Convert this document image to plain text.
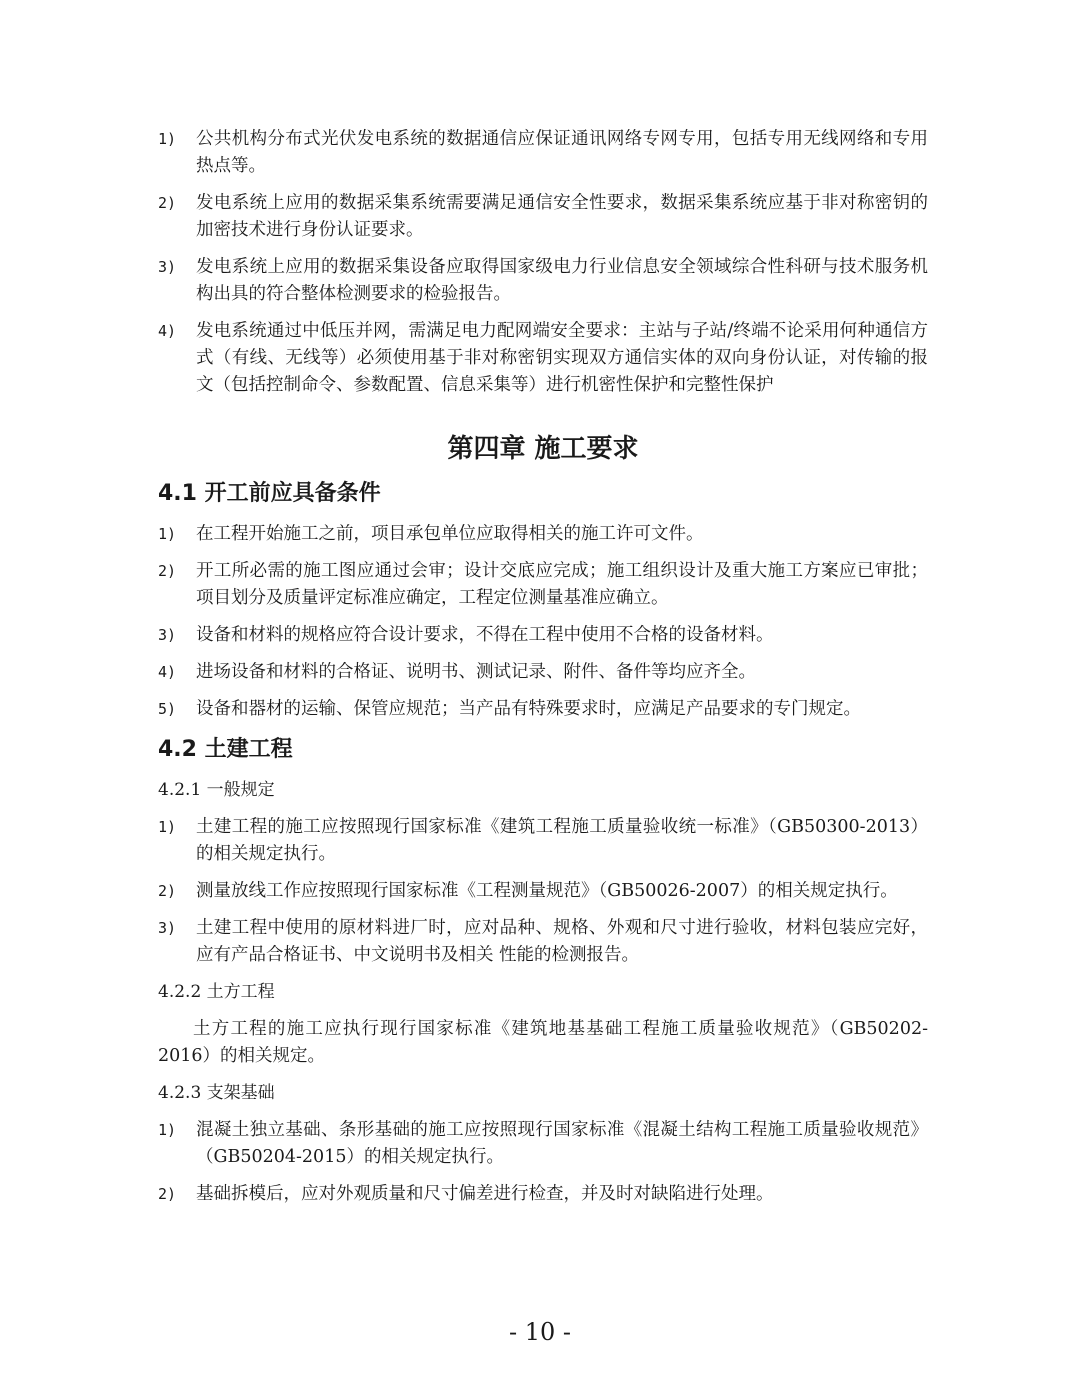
1) 公共机构分布式光伏发电系统的数据通信应保证通讯网络专网专用，包括专用无线网络和专用热点等。
2) 发电系统上应用的数据采集系统需要满足通信安全性要求，数据采集系统应基于非对称密钥的加密技术进行身份认证要求。
3) 发电系统上应用的数据采集设备应取得国家级电力行业信息安全领域综合性科研与技术服务机构出具的符合整体检测要求的检验报告。
4) 发电系统通过中低压并网，需满足电力配网端安全要求：主站与子站/终端不论采用何种通信方式（有线、无线等）必须使用基于非对称密钥实现双方通信实体的双向身份认证，对传输的报文（包括控制命令、参数配置、信息采集等）进行机密性保护和完整性保护
第四章 施工要求
4.1 开工前应具备条件
1) 在工程开始施工之前，项目承包单位应取得相关的施工许可文件。
2) 开工所必需的施工图应通过会审；设计交底应完成；施工组织设计及重大施工方案应已审批；项目划分及质量评定标准应确定，工程定位测量基准应确立。
3) 设备和材料的规格应符合设计要求，不得在工程中使用不合格的设备材料。
4) 进场设备和材料的合格证、说明书、测试记录、附件、备件等均应齐全。
5) 设备和器材的运输、保管应规范；当产品有特殊要求时，应满足产品要求的专门规定。
4.2 土建工程
4.2.1 一般规定
1) 土建工程的施工应按照现行国家标准《建筑工程施工质量验收统一标准》（GB50300-2013）的相关规定执行。
2) 测量放线工作应按照现行国家标准《工程测量规范》（GB50026-2007）的相关规定执行。
3) 土建工程中使用的原材料进厂时，应对品种、规格、外观和尺寸进行验收，材料包装应完好，应有产品合格证书、中文说明书及相关 性能的检测报告。
4.2.2 土方工程
土方工程的施工应执行现行国家标准《建筑地基基础工程施工质量验收规范》（GB50202-2016）的相关规定。
4.2.3 支架基础
1) 混凝土独立基础、条形基础的施工应按照现行国家标准《混凝土结构工程施工质量验收规范》（GB50204-2015）的相关规定执行。
2) 基础拆模后，应对外观质量和尺寸偏差进行检查，并及时对缺陷进行处理。
- 10 -
